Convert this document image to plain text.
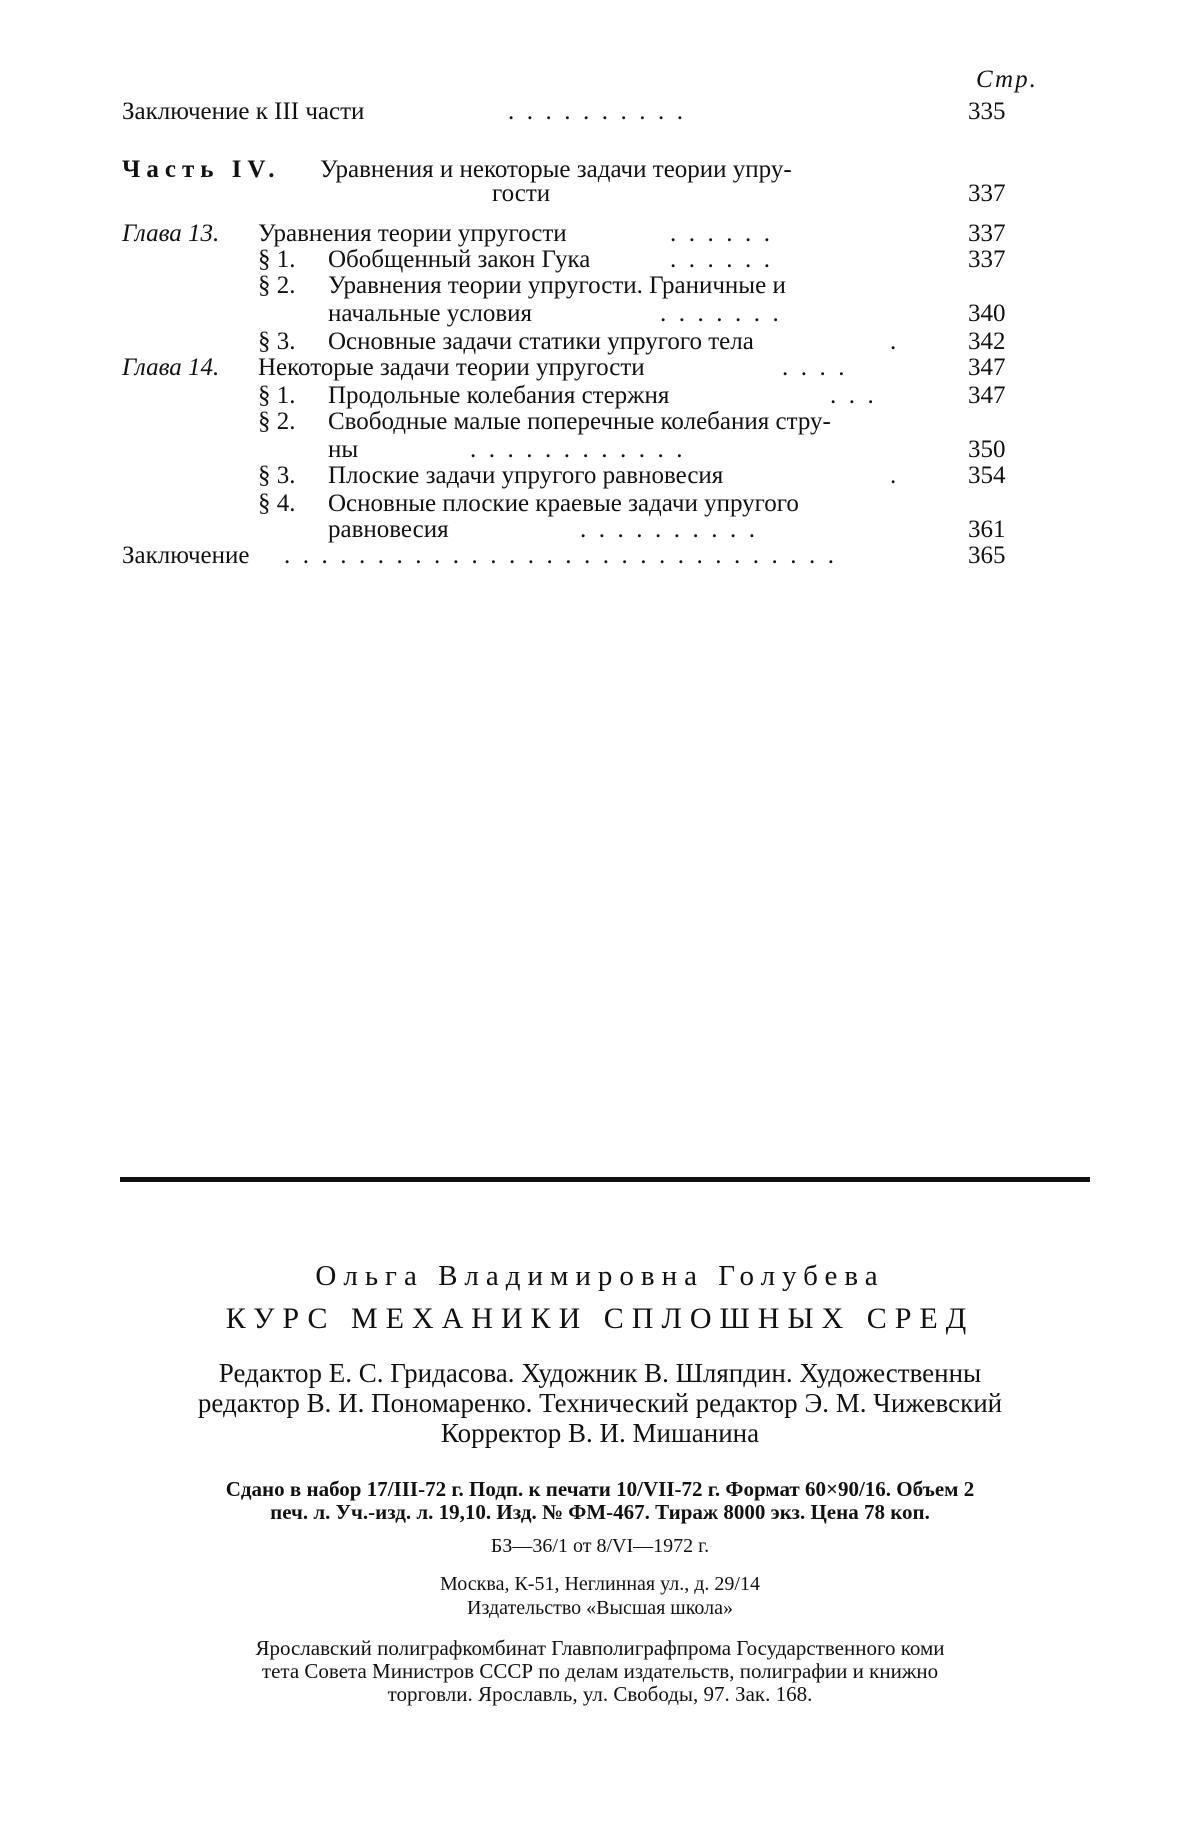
Стр.
Заключение к III части	.  .  .  .  .  .  .  .  .  .	335
Часть IV. Уравнения и некоторые задачи теории упру-
гости	337
Глава 13. Уравнения теории упругости	.  .  .  .  .  .	337
§ 1. Обобщенный закон Гука	.  .  .  .  .  .	337
§ 2. Уравнения теории упругости. Граничные и
начальные условия	.  .  .  .  .  .  .	340
§ 3. Основные задачи статики упругого тела	.	342
Глава 14. Некоторые задачи теории упругости	.  .  .  .	347
§ 1. Продольные колебания стержня	.  .  .	347
§ 2. Свободные малые поперечные колебания стру-
ны	.  .  .  .  .  .  .  .  .  .  .  .	350
§ 3. Плоские задачи упругого равновесия	.	354
§ 4. Основные плоские краевые задачи упругого
равновесия	.  .  .  .  .  .  .  .  .  .	361
Заключение .  .  .  .  .  .  .  .  .  .  .  .  .  .  .  .  .  .  .  .  .  .  .  .  .  .  .  .  .  .	365
Ольга Владимировна Голубева
КУРС МЕХАНИКИ СПЛОШНЫХ СРЕД
Редактор Е. С. Гридасова. Художник В. Шляпдин. Художественны
редактор В. И. Пономаренко. Технический редактор Э. М. Чижевский
Корректор В. И. Мишанина
Сдано в набор 17/III-72 г. Подп. к печати 10/VII-72 г. Формат 60×90/16. Объем 2
печ. л. Уч.-изд. л. 19,10. Изд. № ФМ-467. Тираж 8000 экз. Цена 78 коп.
БЗ—36/1 от 8/VI—1972 г.
Москва, К-51, Неглинная ул., д. 29/14
Издательство «Высшая школа»
Ярославский полиграфкомбинат Главполиграфпрома Государственного коми
тета Совета Министров СССР по делам издательств, полиграфии и книжно
торговли. Ярославль, ул. Свободы, 97. Зак. 168.
